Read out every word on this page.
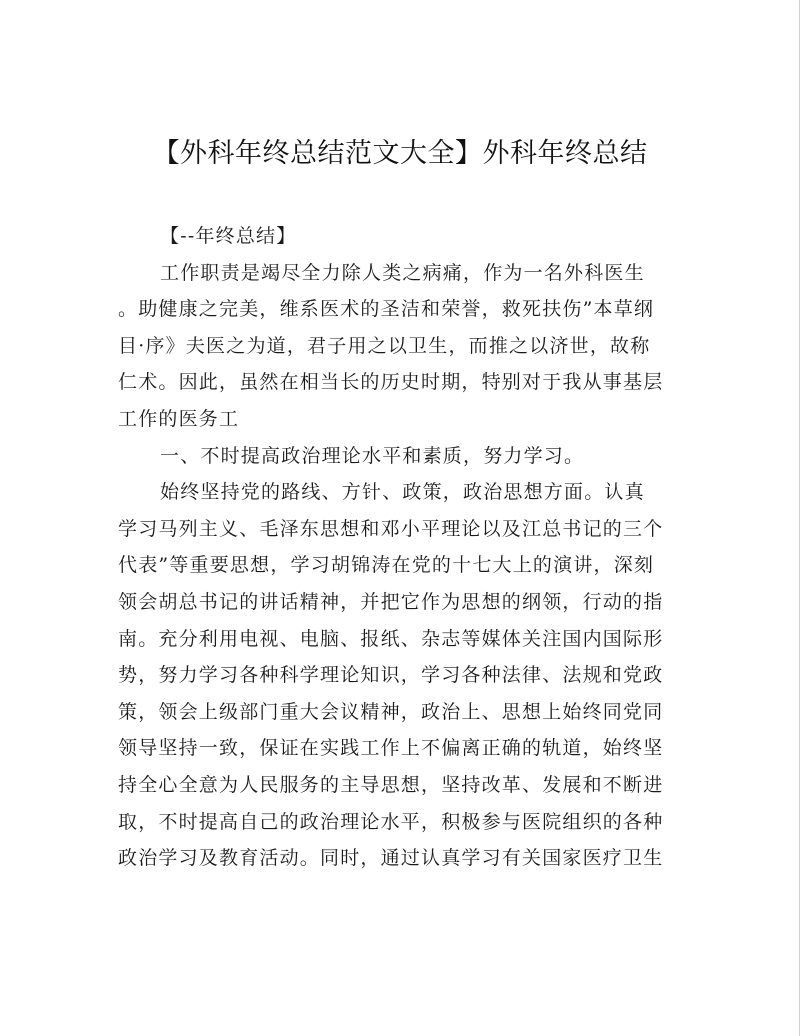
【外科年终总结范文大全】外科年终总结
【--年终总结】
工作职责是竭尽全力除人类之病痛，作为一名外科医生
。助健康之完美，维系医术的圣洁和荣誉，救死扶伤”本草纲
目·序》夫医之为道，君子用之以卫生，而推之以济世，故称
仁术。因此，虽然在相当长的历史时期，特别对于我从事基层
工作的医务工
一、不时提高政治理论水平和素质，努力学习。
始终坚持党的路线、方针、政策，政治思想方面。认真
学习马列主义、毛泽东思想和邓小平理论以及江总书记的三个
代表”等重要思想，学习胡锦涛在党的十七大上的演讲，深刻
领会胡总书记的讲话精神，并把它作为思想的纲领，行动的指
南。充分利用电视、电脑、报纸、杂志等媒体关注国内国际形
势，努力学习各种科学理论知识，学习各种法律、法规和党政
策，领会上级部门重大会议精神，政治上、思想上始终同党同
领导坚持一致，保证在实践工作上不偏离正确的轨道，始终坚
持全心全意为人民服务的主导思想，坚持改革、发展和不断进
取，不时提高自己的政治理论水平，积极参与医院组织的各种
政治学习及教育活动。同时，通过认真学习有关国家医疗卫生
